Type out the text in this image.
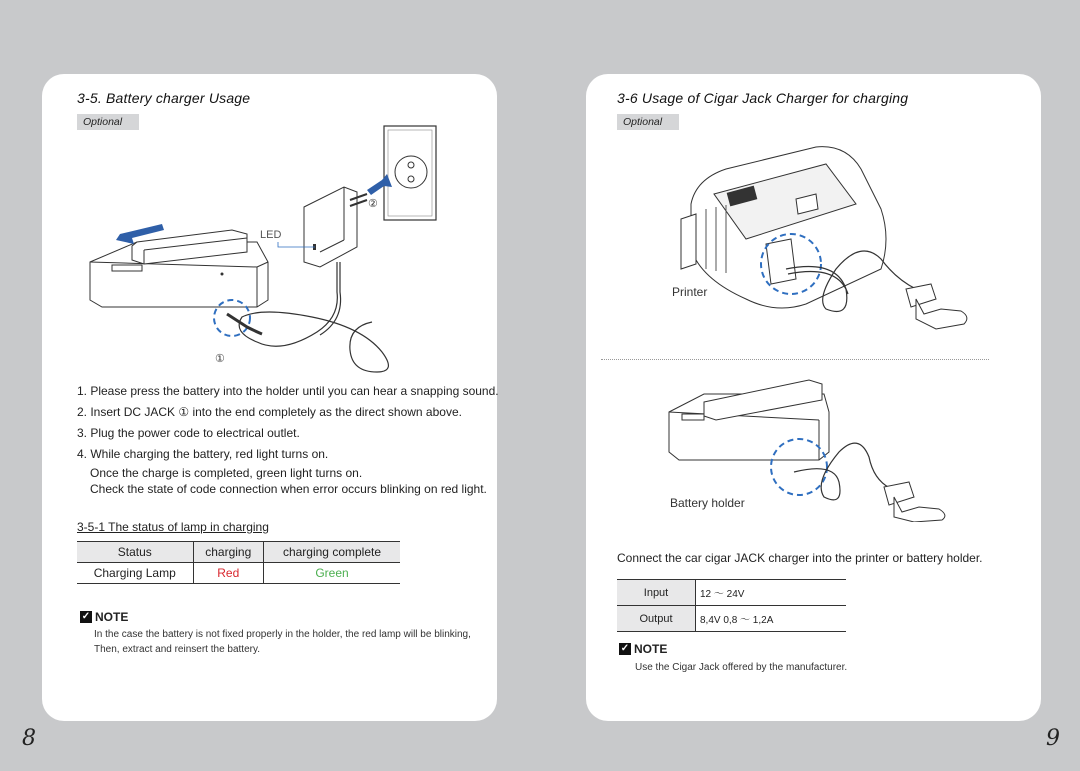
3-5. Battery charger Usage
Optional
②
LED
①
1. Please press the battery into the holder until you can hear a snapping sound.
2. Insert DC JACK ① into the end completely as the direct shown above.
3. Plug the power code to electrical outlet.
4. While charging the battery, red light turns on.
Once the charge is completed, green light turns on.
Check the state of code connection when error occurs blinking on red light.
3-5-1 The status of lamp in charging
Status	charging	charging complete
Charging Lamp	Red	Green
✓ NOTE
In the case the battery is not fixed properly in the holder, the red lamp will be blinking,
Then, extract and reinsert the battery.
3-6 Usage of Cigar Jack Charger for charging
Optional
Printer
Battery holder
Connect the car cigar JACK charger into the printer or battery holder.
Input	12 ～ 24V
Output	8,4V 0,8 ～ 1,2A
✓ NOTE
Use the Cigar Jack offered by the manufacturer.
8	9
